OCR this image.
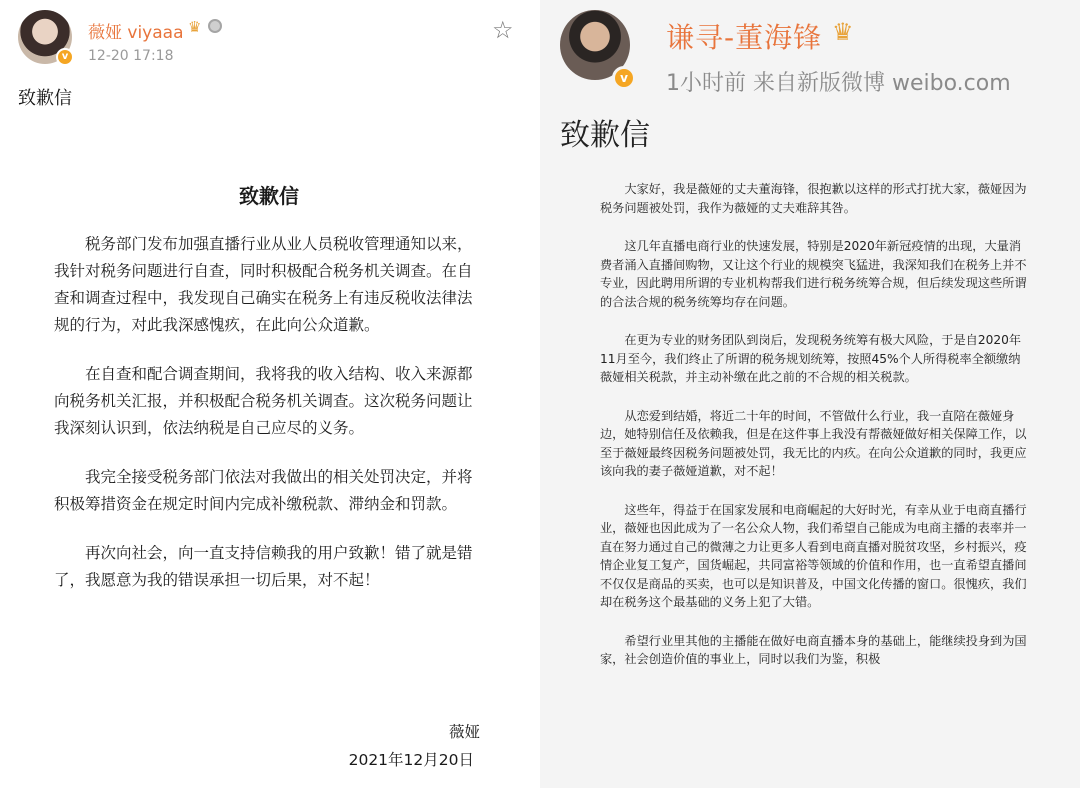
v
薇娅 viyaaa ♛
12-20 17:18
☆
致歉信
致歉信

税务部门发布加强直播行业从业人员税收管理通知以来，我针对税务问题进行自查，同时积极配合税务机关调查。在自查和调查过程中，我发现自己确实在税务上有违反税收法律法规的行为，对此我深感愧疚，在此向公众道歉。

在自查和配合调查期间，我将我的收入结构、收入来源都向税务机关汇报，并积极配合税务机关调查。这次税务问题让我深刻认识到，依法纳税是自己应尽的义务。

我完全接受税务部门依法对我做出的相关处罚决定，并将积极筹措资金在规定时间内完成补缴税款、滞纳金和罚款。

再次向社会，向一直支持信赖我的用户致歉！错了就是错了，我愿意为我的错误承担一切后果，对不起！

薇娅
2021年12月20日
v
谦寻-董海锋 ♛
1小时前 来自新版微博 weibo.com
致歉信

大家好，我是薇娅的丈夫董海锋，很抱歉以这样的形式打扰大家，薇娅因为税务问题被处罚，我作为薇娅的丈夫难辞其咎。

这几年直播电商行业的快速发展，特别是2020年新冠疫情的出现，大量消费者涌入直播间购物，又让这个行业的规模突飞猛进，我深知我们在税务上并不专业，因此聘用所谓的专业机构帮我们进行税务统筹合规，但后续发现这些所谓的合法合规的税务统筹均存在问题。

在更为专业的财务团队到岗后，发现税务统筹有极大风险，于是自2020年11月至今，我们终止了所谓的税务规划统筹，按照45%个人所得税率全额缴纳薇娅相关税款，并主动补缴在此之前的不合规的相关税款。

从恋爱到结婚，将近二十年的时间，不管做什么行业，我一直陪在薇娅身边，她特别信任及依赖我，但是在这件事上我没有帮薇娅做好相关保障工作，以至于薇娅最终因税务问题被处罚，我无比的内疚。在向公众道歉的同时，我更应该向我的妻子薇娅道歉，对不起！

这些年，得益于在国家发展和电商崛起的大好时光，有幸从业于电商直播行业，薇娅也因此成为了一名公众人物，我们希望自己能成为电商主播的表率并一直在努力通过自己的微薄之力让更多人看到电商直播对脱贫攻坚，乡村振兴，疫情企业复工复产，国货崛起，共同富裕等领域的价值和作用，也一直希望直播间不仅仅是商品的买卖，也可以是知识普及，中国文化传播的窗口。很愧疚，我们却在税务这个最基础的义务上犯了大错。

希望行业里其他的主播能在做好电商直播本身的基础上，能继续投身到为国家，社会创造价值的事业上，同时以我们为鉴，积极
